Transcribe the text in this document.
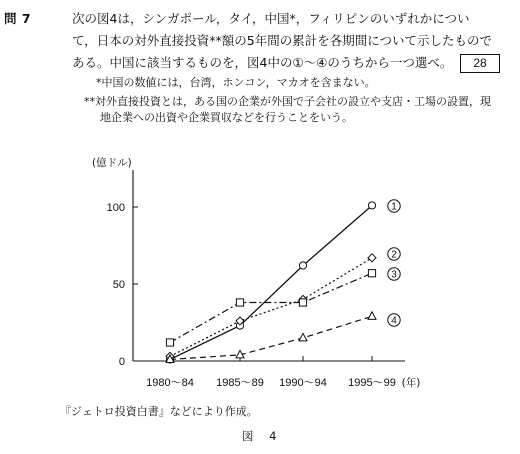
問 7	次の図4は，シンガポール，タイ，中国*，フィリピンのいずれかについ
て，日本の対外直接投資**額の5年間の累計を各期間について示したもので
ある。中国に該当するものを，図4中の①～④のうちから一つ選べ。 28
*中国の数値には，台湾，ホンコン，マカオを含まない。
**対外直接投資とは，ある国の企業が外国で子会社の設立や支店・工場の設置，現
地企業への出資や企業買収などを行うことをいう。
(億ドル)
0
50
100
1980～84 1985～89 1990～94 1995～99 (年)
1
2
3
4
『ジェトロ投資白書』などにより作成。
図 4
